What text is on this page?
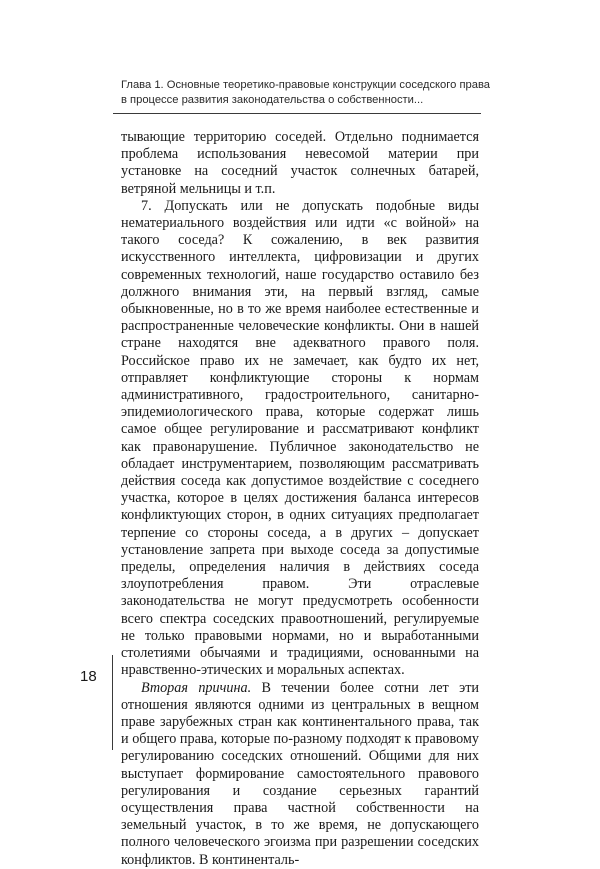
Глава 1. Основные теоретико-правовые конструкции соседского права
в процессе развития законодательства о собственности...

тывающие территорию соседей. Отдельно поднимается проблема использования невесомой материи при установке на соседний участок солнечных батарей, ветряной мельницы и т.п.

7. Допускать или не допускать подобные виды нематериального воздействия или идти «с войной» на такого соседа? К сожалению, в век развития искусственного интеллекта, цифровизации и других современных технологий, наше государство оставило без должного внимания эти, на первый взгляд, самые обыкновенные, но в то же время наиболее естественные и распространенные человеческие конфликты. Они в нашей стране находятся вне адекватного правого поля. Российское право их не замечает, как будто их нет, отправляет конфликтующие стороны к нормам административного, градостроительного, санитарно-эпидемиологического права, которые содержат лишь самое общее регулирование и рассматривают конфликт как правонарушение. Публичное законодательство не обладает инструментарием, позволяющим рассматривать действия соседа как допустимое воздействие с соседнего участка, которое в целях достижения баланса интересов конфликтующих сторон, в одних ситуациях предполагает терпение со стороны соседа, а в других – допускает установление запрета при выходе соседа за допустимые пределы, определения наличия в действиях соседа злоупотребления правом. Эти отраслевые законодательства не могут предусмотреть особенности всего спектра соседских правоотношений, регулируемые не только правовыми нормами, но и выработанными столетиями обычаями и традициями, основанными на нравственно-этических и моральных аспектах.

Вторая причина. В течении более сотни лет эти отношения являются одними из центральных в вещном праве зарубежных стран как континентального права, так и общего права, которые по-разному подходят к правовому регулированию соседских отношений. Общими для них выступает формирование самостоятельного правового регулирования и создание серьезных гарантий осуществления права частной собственности на земельный участок, в то же время, не допускающего полного человеческого эгоизма при разрешении соседских конфликтов. В континенталь-

18
